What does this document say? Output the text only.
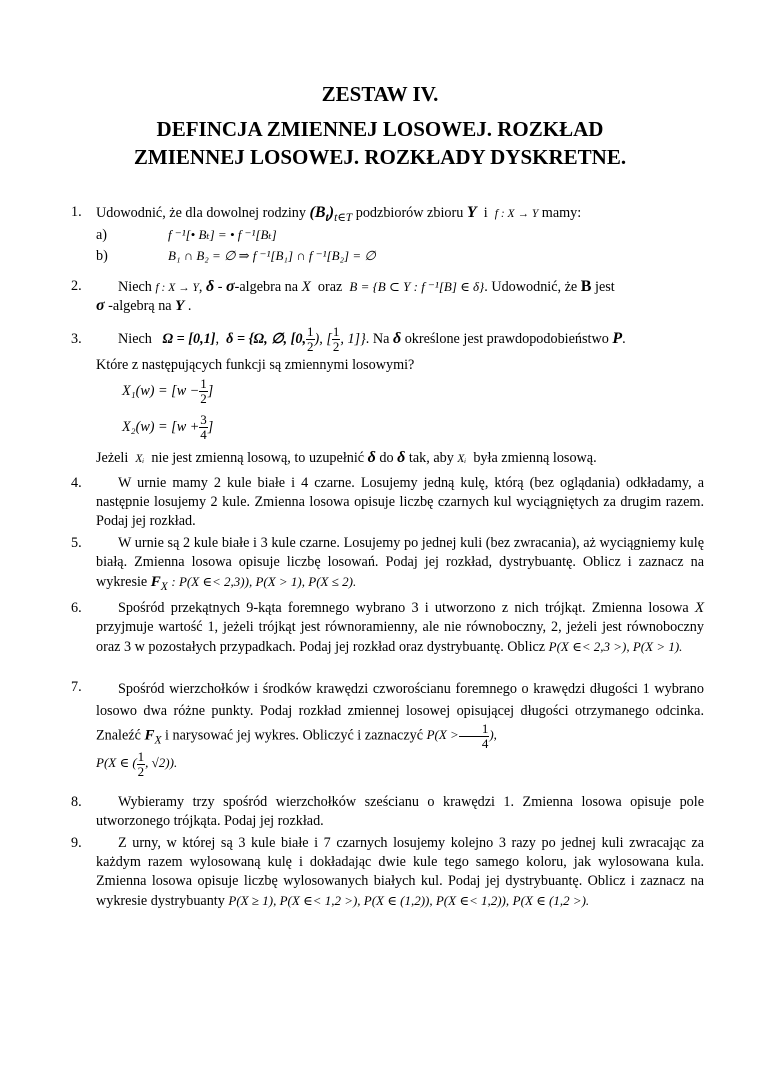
ZESTAW IV.
DEFINCJA ZMIENNEJ LOSOWEJ. ROZKŁAD
ZMIENNEJ LOSOWEJ. ROZKŁADY DYSKRETNE.
1. Udowodnić, że dla dowolnej rodziny $(B_t)_{t\in T}$ podzbiorów zbioru Y i f : X → Y mamy:
a)	f ⁻¹[• Bₜ] = • f ⁻¹[Bₜ]
b)	B₁ ∩ B₂ = ∅ ⇒ f ⁻¹[B₁] ∩ f ⁻¹[B₂] = ∅
2.	Niech f : X → Y, δ - σ-algebra na X oraz B = {B ⊂ Y : f ⁻¹[B] ∈ δ}. Udowodnić, że B jest
σ -algebrą na Y .
3.	Niech Ω = [0,1], δ = {Ω, ∅, [0, $\frac{1}{2}$ ), [ $\frac{1}{2}$ , 1]}. Na δ określone jest prawdopodobieństwo P.
Które z następujących funkcji są zmiennymi losowymi?
$X_1(w) = [w - \frac{1}{2}$ ]
$X_2(w) = [w + \frac{3}{4}$ ]
Jeżeli Xᵢ nie jest zmienną losową, to uzupełnić δ do δ tak, aby Xᵢ była zmienną losową.
4.	W urnie mamy 2 kule białe i 4 czarne. Losujemy jedną kulę, którą (bez oglądania) odkładamy, a następnie losujemy 2 kule. Zmienna losowa opisuje liczbę czarnych kul wyciągniętych za drugim razem. Podaj jej rozkład.
5.	W urnie są 2 kule białe i 3 kule czarne. Losujemy po jednej kuli (bez zwracania), aż wyciągniemy kulę białą. Zmienna losowa opisuje liczbę losowań. Podaj jej rozkład, dystrybuantę. Oblicz i zaznacz na wykresie $F_X$ : P(X ∈< 2,3)), P(X > 1), P(X ≤ 2).
6.	Spośród przekątnych 9-kąta foremnego wybrano 3 i utworzono z nich trójkąt. Zmienna losowa X przyjmuje wartość 1, jeżeli trójkąt jest równoramienny, ale nie równoboczny, 2, jeżeli jest równoboczny oraz 3 w pozostałych przypadkach. Podaj jej rozkład oraz dystrybuantę. Oblicz P(X ∈< 2,3 >), P(X > 1).
7.	Spośród wierzchołków i środków krawędzi czworościanu foremnego o krawędzi długości 1 wybrano losowo dwa różne punkty. Podaj rozkład zmiennej losowej opisującej długości otrzymanego odcinka. Znaleźć $F_X$ i narysować jej wykres. Obliczyć i zaznaczyć $P(X > \frac{1}{4}$ ),
P(X ∈ ( $\frac{1}{2}$ , √2)).
8.	Wybieramy trzy spośród wierzchołków sześcianu o krawędzi 1. Zmienna losowa opisuje pole utworzonego trójkąta. Podaj jej rozkład.
9.	Z urny, w której są 3 kule białe i 7 czarnych losujemy kolejno 3 razy po jednej kuli zwracając za każdym razem wylosowaną kulę i dokładając dwie kule tego samego koloru, jak wylosowana kula. Zmienna losowa opisuje liczbę wylosowanych białych kul. Podaj jej dystrybuantę. Oblicz i zaznacz na wykresie dystrybuanty P(X ≥ 1), P(X ∈< 1,2 >), P(X ∈ (1,2)), P(X ∈< 1,2)), P(X ∈ (1,2 >).
